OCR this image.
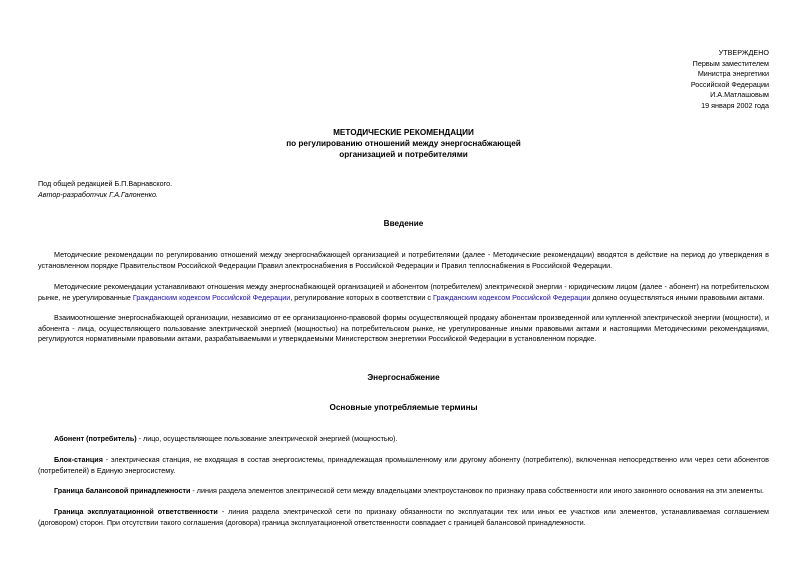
УТВЕРЖДЕНО
Первым заместителем
Министра энергетики
Российской Федерации
И.А.Матлашовым
19 января 2002 года
МЕТОДИЧЕСКИЕ РЕКОМЕНДАЦИИ
по регулированию отношений между энергоснабжающей
организацией и потребителями
Под общей редакцией Б.П.Варнавского.
Автор-разработчик Г.А.Галоненко.
Введение

Методические рекомендации по регулированию отношений между энергоснабжающей организацией и потребителями (далее - Методические рекомендации) вводятся в действие на период до утверждения в установленном порядке Правительством Российской Федерации Правил электроснабжения в Российской Федерации и Правил теплоснабжения в Российской Федерации.

Методические рекомендации устанавливают отношения между энергоснабжающей организацией и абонентом (потребителем) электрической энергии - юридическим лицом (далее - абонент) на потребительском рынке, не урегулированные Гражданским кодексом Российской Федерации, регулирование которых в соответствии с Гражданским кодексом Российской Федерации должно осуществляться иными правовыми актами.

Взаимоотношение энергоснабжающей организации, независимо от ее организационно-правовой формы осуществляющей продажу абонентам произведенной или купленной электрической энергии (мощности), и абонента - лица, осуществляющего пользование электрической энергией (мощностью) на потребительском рынке, не урегулированные иными правовыми актами и настоящими Методическими рекомендациями, регулируются нормативными правовыми актами, разрабатываемыми и утверждаемыми Министерством энергетики Российской Федерации в установленном порядке.

Энергоснабжение
Основные употребляемые термины

Абонент (потребитель) - лицо, осуществляющее пользование электрической энергией (мощностью).

Блок-станция - электрическая станция, не входящая в состав энергосистемы, принадлежащая промышленному или другому абоненту (потребителю), включенная непосредственно или через сети абонентов (потребителей) в Единую энергосистему.

Граница балансовой принадлежности - линия раздела элементов электрической сети между владельцами электроустановок по признаку права собственности или иного законного основания на эти элементы.

Граница эксплуатационной ответственности - линия раздела электрической сети по признаку обязанности по эксплуатации тех или иных ее участков или элементов, устанавливаемая соглашением (договором) сторон. При отсутствии такого соглашения (договора) граница эксплуатационной ответственности совпадает с границей балансовой принадлежности.
